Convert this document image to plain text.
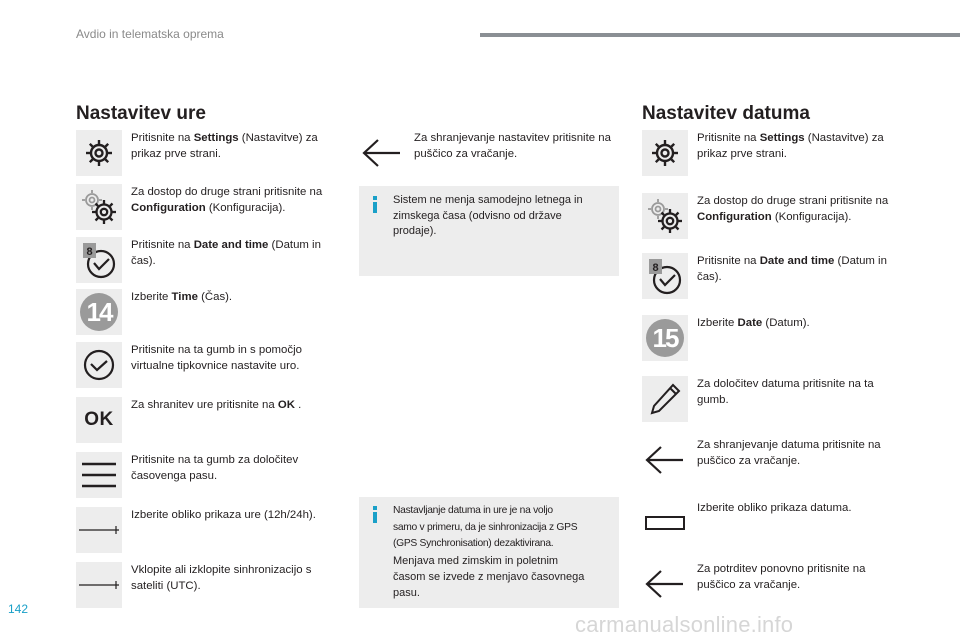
Avdio in telematska oprema
Nastavitev ure
Pritisnite na Settings (Nastavitve) za prikaz prve strani.
Za dostop do druge strani pritisnite na Configuration (Konfiguracija).
8
Pritisnite na Date and time (Datum in čas).
14	Izberite Time (Čas).
Pritisnite na ta gumb in s pomočjo virtualne tipkovnice nastavite uro.
OK
Za shranitev ure pritisnite na OK .
Pritisnite na ta gumb za določitev časovenga pasu.
Izberite obliko prikaza ure (12h/24h).
Vklopite ali izklopite sinhronizacijo s sateliti (UTC).
Za shranjevanje nastavitev pritisnite na puščico za vračanje.
Sistem ne menja samodejno letnega in zimskega časa (odvisno od države prodaje).
Nastavljanje datuma in ure je na voljo
samo v primeru, da je sinhronizacija z GPS
(GPS Synchronisation) dezaktivirana.
Menjava med zimskim in poletnim
časom se izvede z menjavo časovnega
pasu.
Nastavitev datuma
Pritisnite na Settings (Nastavitve) za prikaz prve strani.
Za dostop do druge strani pritisnite na Configuration (Konfiguracija).
8
Pritisnite na Date and time (Datum in čas).
15	Izberite Date (Datum).
Za določitev datuma pritisnite na ta gumb.
Za shranjevanje datuma pritisnite na puščico za vračanje.
Izberite obliko prikaza datuma.
Za potrditev ponovno pritisnite na puščico za vračanje.
142
carmanualsonline.info
